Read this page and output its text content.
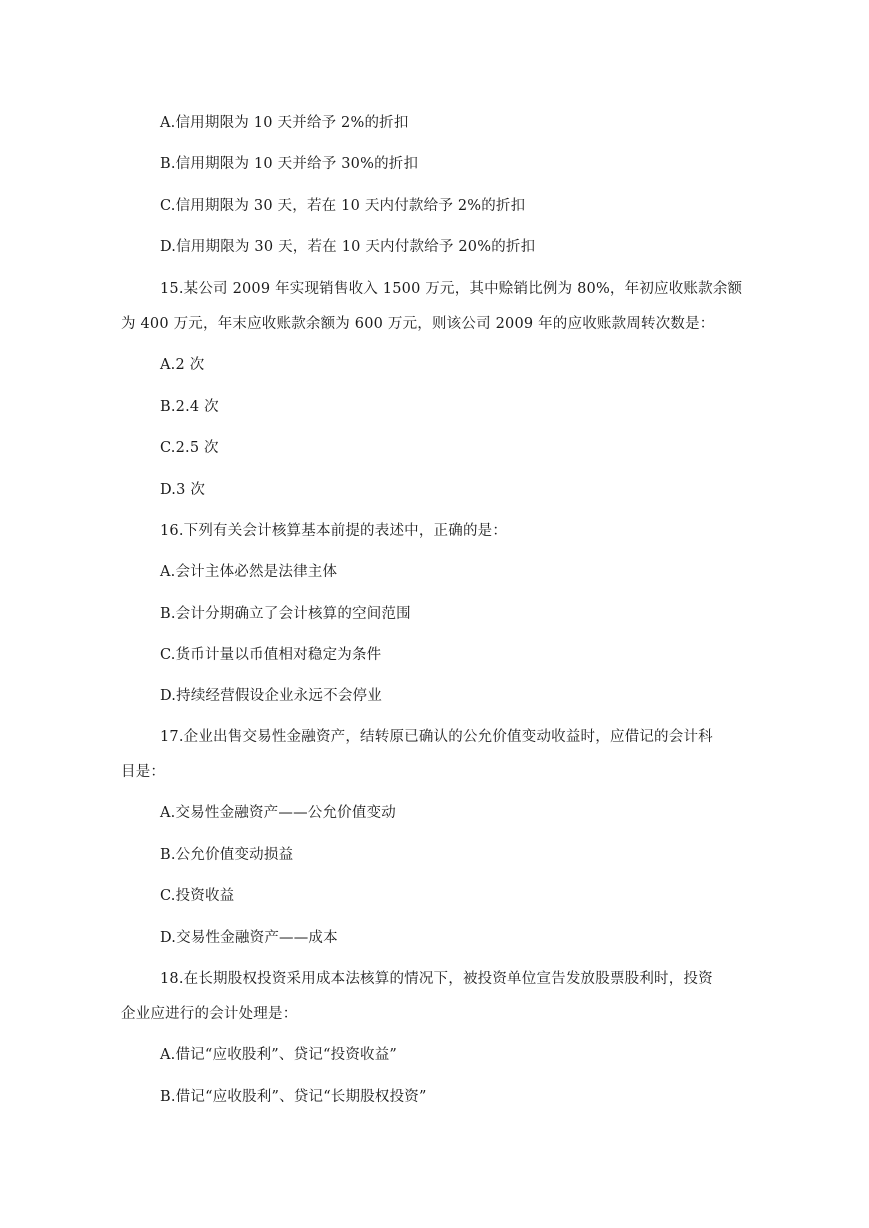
A.信用期限为 10 天并给予 2%的折扣
B.信用期限为 10 天并给予 30%的折扣
C.信用期限为 30 天，若在 10 天内付款给予 2%的折扣
D.信用期限为 30 天，若在 10 天内付款给予 20%的折扣
15.某公司 2009 年实现销售收入 1500 万元，其中赊销比例为 80%，年初应收账款余额
为 400 万元，年末应收账款余额为 600 万元，则该公司 2009 年的应收账款周转次数是：
A.2 次
B.2.4 次
C.2.5 次
D.3 次
16.下列有关会计核算基本前提的表述中，正确的是：
A.会计主体必然是法律主体
B.会计分期确立了会计核算的空间范围
C.货币计量以币值相对稳定为条件
D.持续经营假设企业永远不会停业
17.企业出售交易性金融资产，结转原已确认的公允价值变动收益时，应借记的会计科
目是：
A.交易性金融资产——公允价值变动
B.公允价值变动损益
C.投资收益
D.交易性金融资产——成本
18.在长期股权投资采用成本法核算的情况下，被投资单位宣告发放股票股利时，投资
企业应进行的会计处理是：
A.借记“应收股利”、贷记“投资收益”
B.借记“应收股利”、贷记“长期股权投资”
